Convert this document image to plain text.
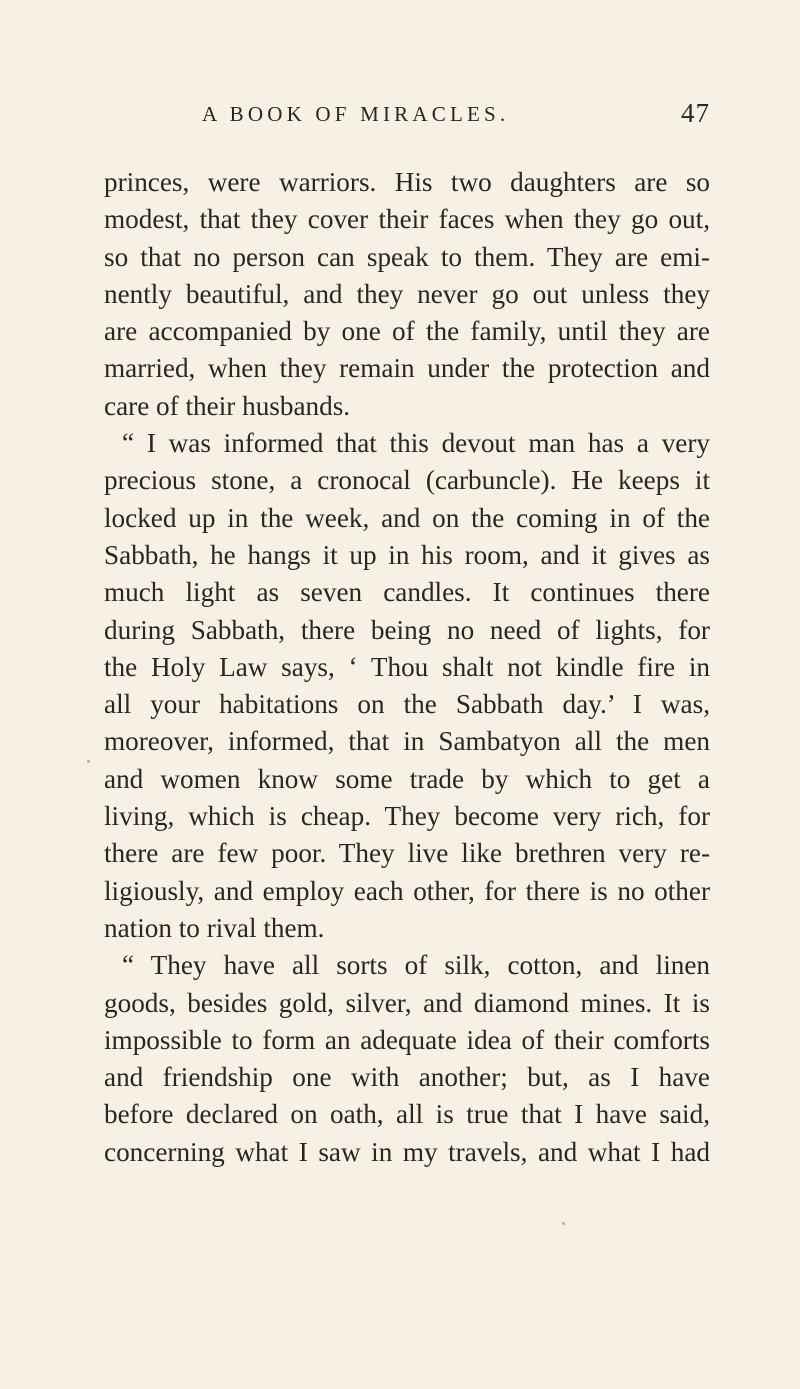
A BOOK OF MIRACLES.	47
princes, were warriors. His two daughters are so
modest, that they cover their faces when they go out,
so that no person can speak to them. They are emi-
nently beautiful, and they never go out unless they
are accompanied by one of the family, until they are
married, when they remain under the protection and
care of their husbands.
“ I was informed that this devout man has a very
precious stone, a cronocal (carbuncle). He keeps it
locked up in the week, and on the coming in of the
Sabbath, he hangs it up in his room, and it gives as
much light as seven candles. It continues there
during Sabbath, there being no need of lights, for
the Holy Law says, ‘ Thou shalt not kindle fire in
all your habitations on the Sabbath day.’ I was,
moreover, informed, that in Sambatyon all the men
and women know some trade by which to get a
living, which is cheap. They become very rich, for
there are few poor. They live like brethren very re-
ligiously, and employ each other, for there is no other
nation to rival them.
“ They have all sorts of silk, cotton, and linen
goods, besides gold, silver, and diamond mines. It is
impossible to form an adequate idea of their comforts
and friendship one with another; but, as I have
before declared on oath, all is true that I have said,
concerning what I saw in my travels, and what I had
